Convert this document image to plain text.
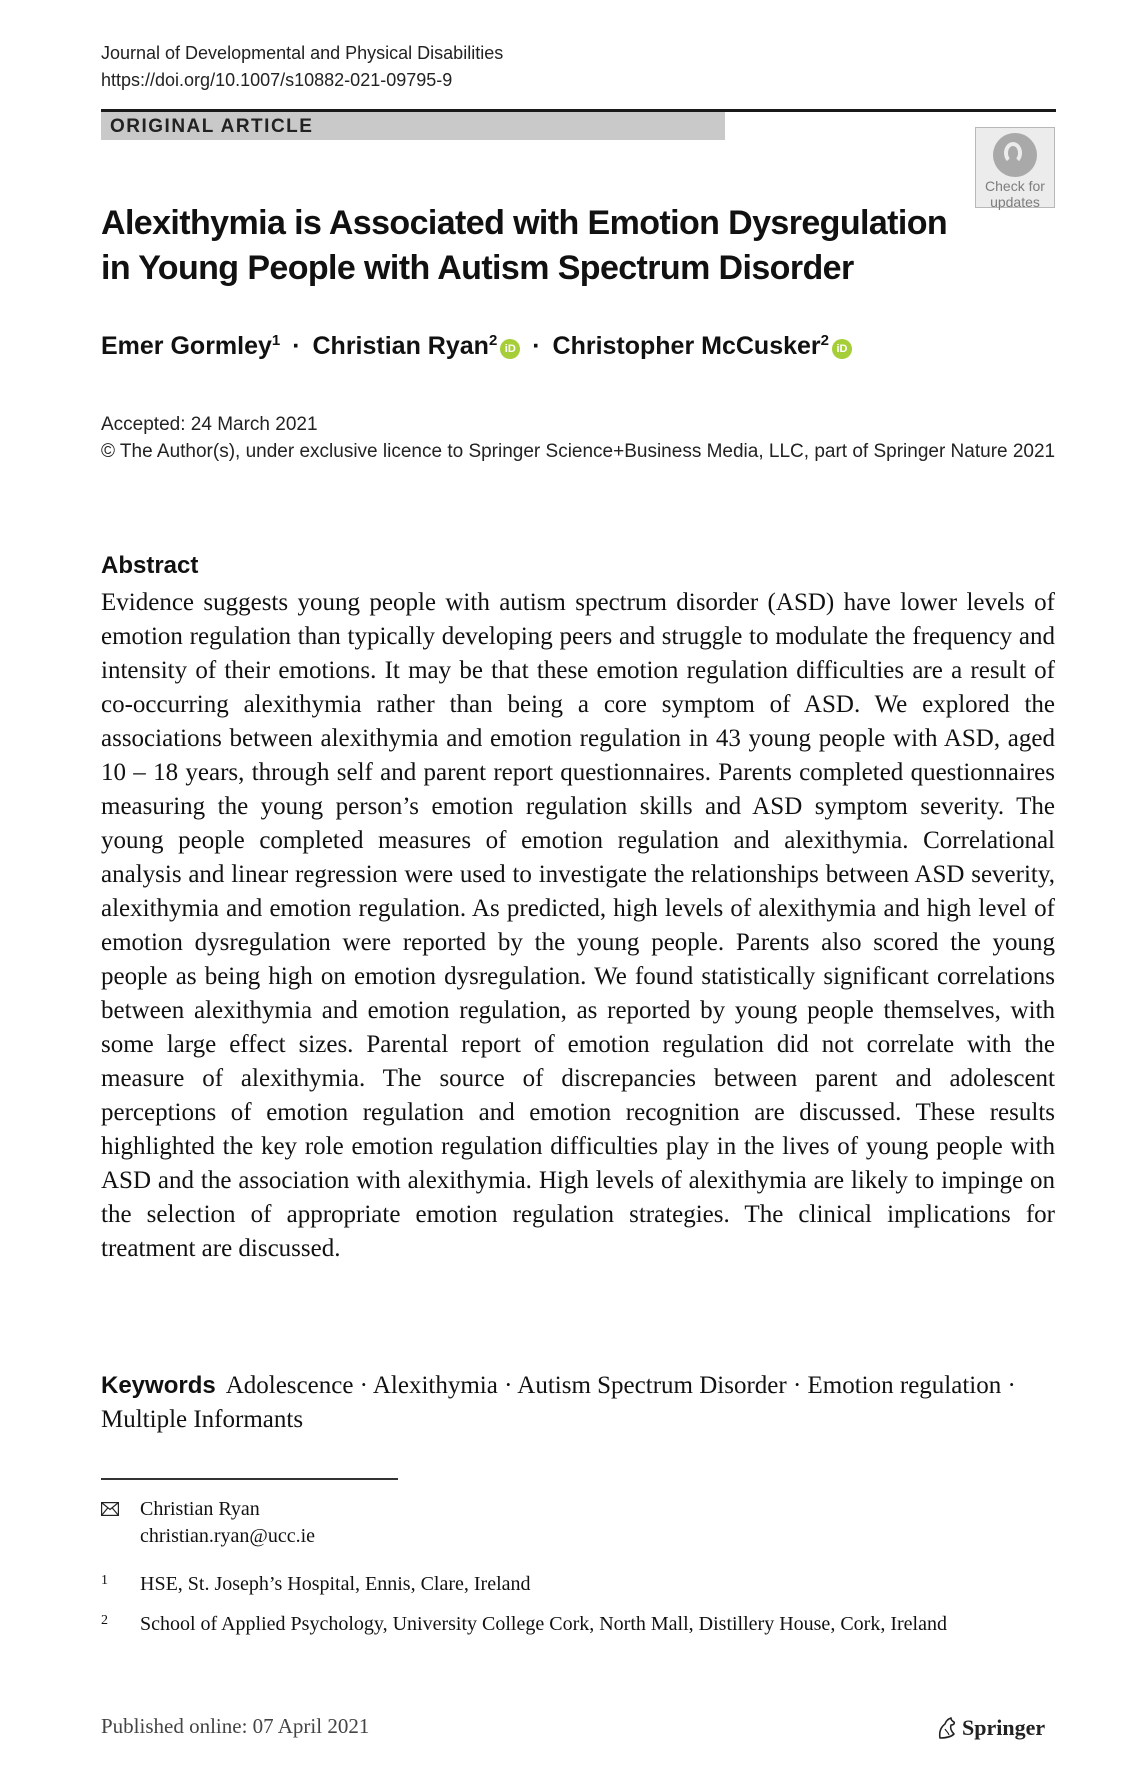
Journal of Developmental and Physical Disabilities
https://doi.org/10.1007/s10882-021-09795-9
ORIGINAL ARTICLE
Check for
updates
Alexithymia is Associated with Emotion Dysregulation
in Young People with Autism Spectrum Disorder
Emer Gormley$^1$ · Christian Ryan$^2$ iD · Christopher McCusker$^2$ iD
Accepted: 24 March 2021
© The Author(s), under exclusive licence to Springer Science+Business Media, LLC, part of Springer Nature 2021
Abstract

Evidence suggests young people with autism spectrum disorder (ASD) have lower levels of emotion regulation than typically developing peers and struggle to modulate the frequency and intensity of their emotions. It may be that these emotion regulation difficulties are a result of co-occurring alexithymia rather than being a core symptom of ASD. We explored the associations between alexithymia and emotion regulation in 43 young people with ASD, aged 10 – 18 years, through self and parent report questionnaires. Parents completed questionnaires measuring the young person’s emotion regulation skills and ASD symptom severity. The young people completed measures of emotion regulation and alexithymia. Correlational analysis and linear regression were used to investigate the relationships between ASD severity, alexithymia and emotion regulation. As predicted, high levels of alexithymia and high level of emotion dysregulation were reported by the young people. Parents also scored the young people as being high on emotion dysregulation. We found statistically significant correlations between alexithymia and emotion regulation, as reported by young people themselves, with some large effect sizes. Parental report of emotion regulation did not correlate with the measure of alexithymia. The source of discrepancies between parent and adolescent perceptions of emotion regulation and emotion recognition are discussed. These results highlighted the key role emotion regulation difficulties play in the lives of young people with ASD and the association with alexithymia. High levels of alexithymia are likely to impinge on the selection of appropriate emotion regulation strategies. The clinical implications for treatment are discussed.

Keywords Adolescence · Alexithymia · Autism Spectrum Disorder · Emotion regulation · Multiple Informants
Christian Ryan
christian.ryan@ucc.ie
1 HSE, St. Joseph’s Hospital, Ennis, Clare, Ireland
2 School of Applied Psychology, University College Cork, North Mall, Distillery House, Cork, Ireland
Published online: 07 April 2021	Springer
